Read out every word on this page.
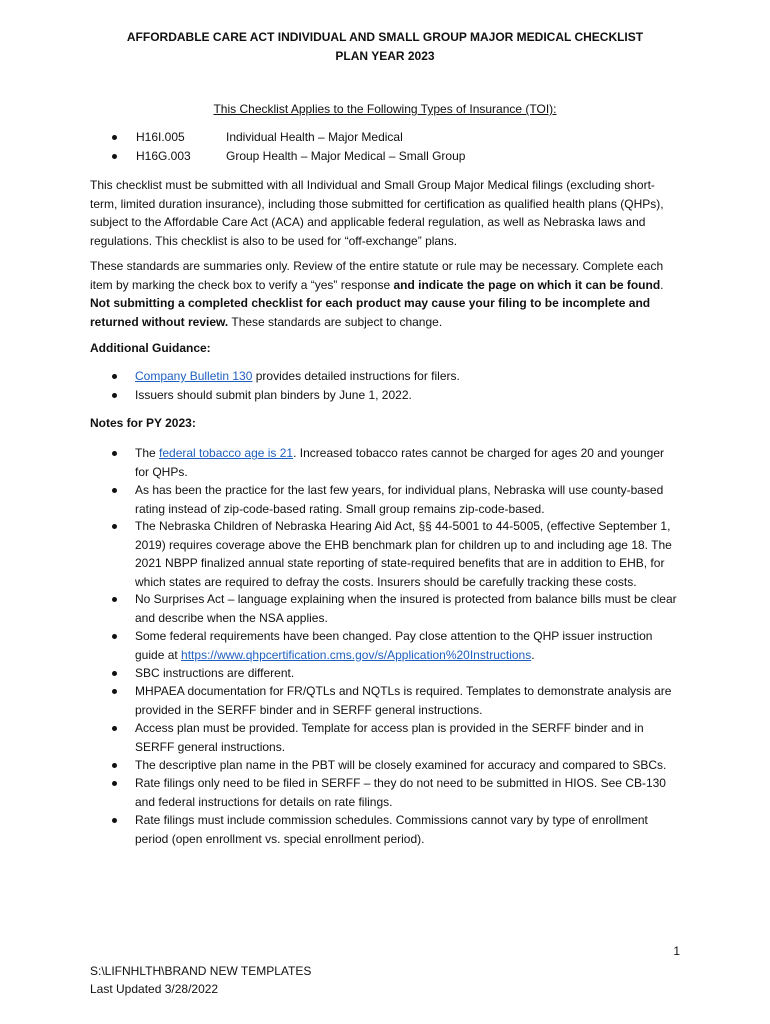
AFFORDABLE CARE ACT INDIVIDUAL AND SMALL GROUP MAJOR MEDICAL CHECKLIST
PLAN YEAR 2023
This Checklist Applies to the Following Types of Insurance (TOI):
H16I.005	Individual Health – Major Medical
H16G.003	Group Health – Major Medical – Small Group
This checklist must be submitted with all Individual and Small Group Major Medical filings (excluding short-term, limited duration insurance), including those submitted for certification as qualified health plans (QHPs), subject to the Affordable Care Act (ACA) and applicable federal regulation, as well as Nebraska laws and regulations. This checklist is also to be used for “off-exchange” plans.
These standards are summaries only. Review of the entire statute or rule may be necessary. Complete each item by marking the check box to verify a “yes” response and indicate the page on which it can be found. Not submitting a completed checklist for each product may cause your filing to be incomplete and returned without review. These standards are subject to change.
Additional Guidance:
Company Bulletin 130 provides detailed instructions for filers.
Issuers should submit plan binders by June 1, 2022.
Notes for PY 2023:
The federal tobacco age is 21. Increased tobacco rates cannot be charged for ages 20 and younger for QHPs.
As has been the practice for the last few years, for individual plans, Nebraska will use county-based rating instead of zip-code-based rating. Small group remains zip-code-based.
The Nebraska Children of Nebraska Hearing Aid Act, §§ 44-5001 to 44-5005, (effective September 1, 2019) requires coverage above the EHB benchmark plan for children up to and including age 18. The 2021 NBPP finalized annual state reporting of state-required benefits that are in addition to EHB, for which states are required to defray the costs. Insurers should be carefully tracking these costs.
No Surprises Act – language explaining when the insured is protected from balance bills must be clear and describe when the NSA applies.
Some federal requirements have been changed. Pay close attention to the QHP issuer instruction guide at https://www.qhpcertification.cms.gov/s/Application%20Instructions.
SBC instructions are different.
MHPAEA documentation for FR/QTLs and NQTLs is required. Templates to demonstrate analysis are provided in the SERFF binder and in SERFF general instructions.
Access plan must be provided. Template for access plan is provided in the SERFF binder and in SERFF general instructions.
The descriptive plan name in the PBT will be closely examined for accuracy and compared to SBCs.
Rate filings only need to be filed in SERFF – they do not need to be submitted in HIOS. See CB-130 and federal instructions for details on rate filings.
Rate filings must include commission schedules. Commissions cannot vary by type of enrollment period (open enrollment vs. special enrollment period).
1
S:\LIFNHLTH\BRAND NEW TEMPLATES
Last Updated 3/28/2022
